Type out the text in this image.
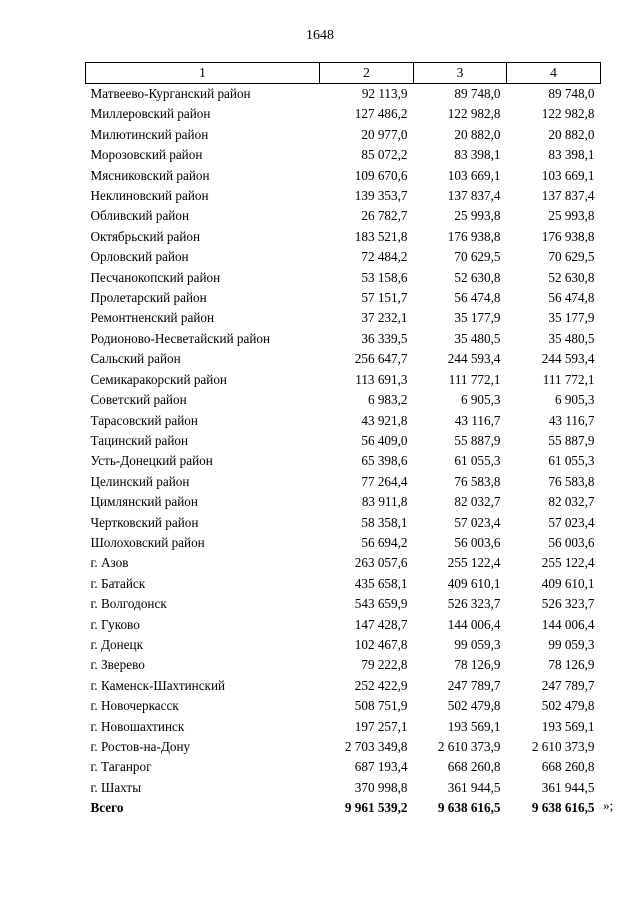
1648
1	2	3	4
Матвеево-Курганский район	92 113,9	89 748,0	89 748,0
Миллеровский район	127 486,2	122 982,8	122 982,8
Милютинский район	20 977,0	20 882,0	20 882,0
Морозовский район	85 072,2	83 398,1	83 398,1
Мясниковский район	109 670,6	103 669,1	103 669,1
Неклиновский район	139 353,7	137 837,4	137 837,4
Обливский район	26 782,7	25 993,8	25 993,8
Октябрьский район	183 521,8	176 938,8	176 938,8
Орловский район	72 484,2	70 629,5	70 629,5
Песчанокопский район	53 158,6	52 630,8	52 630,8
Пролетарский район	57 151,7	56 474,8	56 474,8
Ремонтненский район	37 232,1	35 177,9	35 177,9
Родионово-Несветайский район	36 339,5	35 480,5	35 480,5
Сальский район	256 647,7	244 593,4	244 593,4
Семикаракорский район	113 691,3	111 772,1	111 772,1
Советский район	6 983,2	6 905,3	6 905,3
Тарасовский район	43 921,8	43 116,7	43 116,7
Тацинский район	56 409,0	55 887,9	55 887,9
Усть-Донецкий район	65 398,6	61 055,3	61 055,3
Целинский район	77 264,4	76 583,8	76 583,8
Цимлянский район	83 911,8	82 032,7	82 032,7
Чертковский район	58 358,1	57 023,4	57 023,4
Шолоховский район	56 694,2	56 003,6	56 003,6
г. Азов	263 057,6	255 122,4	255 122,4
г. Батайск	435 658,1	409 610,1	409 610,1
г. Волгодонск	543 659,9	526 323,7	526 323,7
г. Гуково	147 428,7	144 006,4	144 006,4
г. Донецк	102 467,8	99 059,3	99 059,3
г. Зверево	79 222,8	78 126,9	78 126,9
г. Каменск-Шахтинский	252 422,9	247 789,7	247 789,7
г. Новочеркасск	508 751,9	502 479,8	502 479,8
г. Новошахтинск	197 257,1	193 569,1	193 569,1
г. Ростов-на-Дону	2 703 349,8	2 610 373,9	2 610 373,9
г. Таганрог	687 193,4	668 260,8	668 260,8
г. Шахты	370 998,8	361 944,5	361 944,5
Всего	9 961 539,2	9 638 616,5	9 638 616,5 »;
